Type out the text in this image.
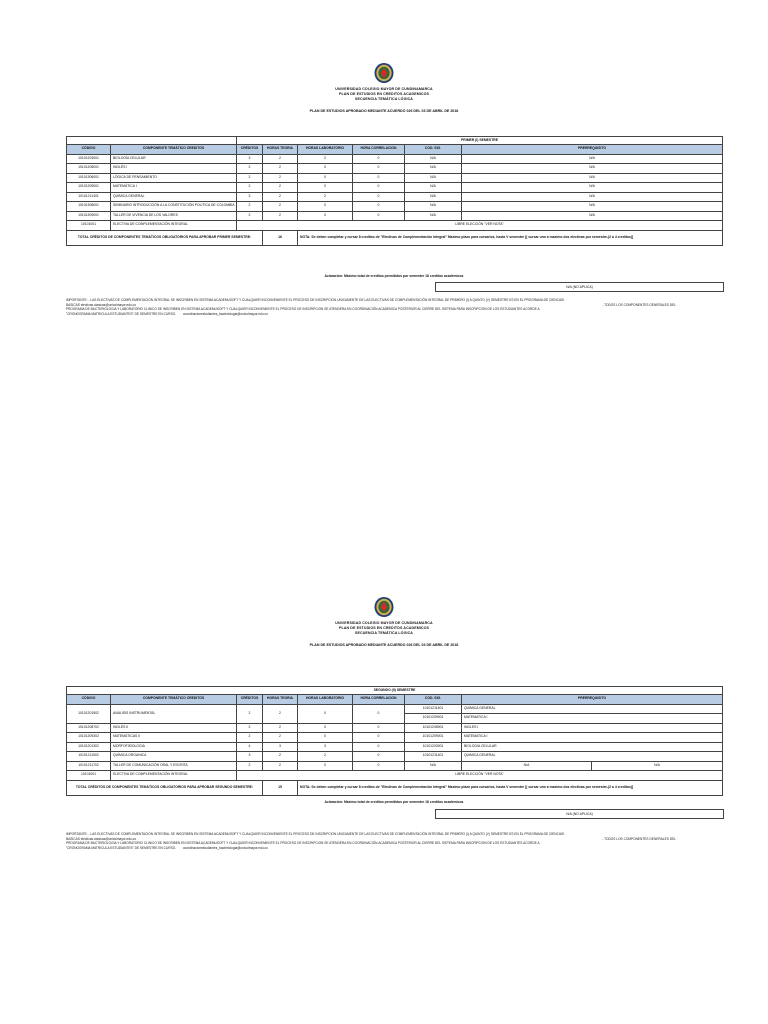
UNIVERSIDAD COLEGIO MAYOR DE CUNDINAMARCA
PLAN DE ESTUDIOS EN CREDITOS ACADEMICOS
SECUENCIA TEMÁTICA LÓGICA
PLAN DE ESTUDIOS APROBADO MEDIANTE ACUERDO 026 DEL 03 DE ABRIL DE 2018
		PRIMER (I) SEMESTRE					
CÓDIGO	COMPONENTE TEMÁTICO CREDITOS	CRÉDITOS	HORAS TEORIA	HORAS LABORATORIO	HORA CORRELACION	COD. SIG.	PRERREQUISITO
10101203001	BIOLOGÍA CELULAR	3	2	2	0	N/A	N/A
10101208001	INGLÉS I	2	2	0	0	N/A	N/A
10101306001	LÓGICA DE PENSAMIENTO	2	2	0	0	N/A	N/A
10101209001	MATEMÁTICA I	2	2	0	0	N/A	N/A
10101211401	QUÍMICA GENERAL	3	2	2	0	N/A	N/A
10101308001	SEMINARIO INTRODUCCIÓN A LA CONSTITUCIÓN POLITICA DE COLOMBIA	2	2	0	0	N/A	N/A
10101309001	TALLER DE VIVENCIA DE LOS VALORES	2	2	0	0	N/A	N/A
10101001	ELECTIVA DE COMPLEMENTACIÓN INTEGRAL	LIBRE ELECCIÓN "VER NOTA"					
TOTAL CRÉDITOS DE COMPONENTES TEMÁTICOS OBLIGATORIOS PARA APROBAR PRIMER SEMESTRE:			16	NOTA: Se deben completar y cursar 8 creditos de "Electivas de Complementación Integral" Maximo plazo para cursarlos, hasta V semestre [( cursar uno a maximo dos electivas por semestre-(2 a 4 creditos)]			
Aclaración: Máximo total de creditos permitidos por semestre 18 creditos academicos
N/A (NO APLICA)
IMPORTANTE: - LAS ELECTIVAS DE COMPLEMENTACIÓN INTEGRAL SE INSCRIBEN EN SISTEMA ACADEMUSOFT Y CUALQUIER INCONVENIENTE EL PROCESO DE INSCRIPCION UNICAMENTE DE LAS ELECTIVAS DE COMPLEMENTACIÓN INTEGRAL DE PRIMERO (I) A QUINTO (V) SEMESTRE ES EN EL PROGRAMA DE CIENCIAS
BASICAS electivas.ciasicas@unicolmayor.edu.co	- TODOS LOS COMPONENTES GENERALES DEL
PROGRAMA DE BACTERIOLOGIA Y LABORATORIO CLINICO SE INSCRIBEN EN SISTEMA ACADEMUSOFT Y CUALQUIER INCONVENIENTE EL PROCESO DE INSCRIPCION SE ATENDERA EN COORDINACIÓN ACADEMICA POSTERIOR AL CIERRE DEL SISTEMA PARA INSCRIPCION DE LOS ESTUDIANTES ACORDE A
"CRONOGRAMA MATRICULA ESTUDIANTES" DE SEMESTRE EN CURSO. coordinacionestudiantes_bacteriologia@unicolmayor.edu.co
UNIVERSIDAD COLEGIO MAYOR DE CUNDINAMARCA
PLAN DE ESTUDIOS EN CREDITOS ACADEMICOS
SECUENCIA TEMÁTICA LÓGICA
PLAN DE ESTUDIOS APROBADO MEDIANTE ACUERDO 026 DEL 03 DE ABRIL DE 2018
SEGUNDO (II) SEMESTRE								
CÓDIGO	COMPONENTE TEMÁTICO CREDITOS	CRÉDITOS	HORAS TEORIA	HORAS LABORATORIO	HORA CORRELACION	COD. SIG.	PRERREQUISITO	
10101201502	ANÁLISIS INSTRUMENTAL	2	2	0	0	10101211401	QUIMICA GENERAL	
						10101209001	MATEMATICA I	
10101208702	INGLÉS II	2	2	0	0	10101208001	INGLES I	
10101209302	MATEMÁTICAS II	2	2	0	0	10101209001	MATEMATICA I	
10101201302	MORFOFISIOLOGIA	4	3	3	0	10101203001	BIOLOGIA CELULAR	
10101211502	QUÍMICA ORGANICA	3	2	2	0	10101211401	QUIMICA GENERAL	
10101211702	TALLER DE COMUNICACIÓN ORAL Y ESCRITA	2	2	0	0	N/A	N/A	N/A
10101001	ELECTIVA DE COMPLEMENTACIÓN INTEGRAL	LIBRE ELECCIÓN "VER NOTA"						
TOTAL CRÉDITOS DE COMPONENTES TEMÁTICOS OBLIGATORIOS PARA APROBAR SEGUNDO SEMESTRE:			15	NOTA: Se deben completar y cursar 8 creditos de "Electivas de Complementación Integral" Maximo plazo para cursarlos, hasta V semestre [( cursar uno a maximo dos electivas por semestre-(2 a 4 creditos)]				
Aclaración: Máximo total de creditos permitidos por semestre 18 creditos academicos
N/A (NO APLICA)
IMPORTANTE: - LAS ELECTIVAS DE COMPLEMENTACIÓN INTEGRAL SE INSCRIBEN EN SISTEMA ACADEMUSOFT Y CUALQUIER INCONVENIENTE EL PROCESO DE INSCRIPCION UNICAMENTE DE LAS ELECTIVAS DE COMPLEMENTACIÓN INTEGRAL DE PRIMERO (I) A QUINTO (V) SEMESTRE ES EN EL PROGRAMA DE CIENCIAS
BASICAS electivas.ciasicas@unicolmayor.edu.co	- TODOS LOS COMPONENTES GENERALES DEL
PROGRAMA DE BACTERIOLOGIA Y LABORATORIO CLINICO SE INSCRIBEN EN SISTEMA ACADEMUSOFT Y CUALQUIER INCONVENIENTE EL PROCESO DE INSCRIPCION SE ATENDERA EN COORDINACIÓN ACADEMICA POSTERIOR AL CIERRE DEL SISTEMA PARA INSCRIPCION DE LOS ESTUDIANTES ACORDE A
"CRONOGRAMA MATRICULA ESTUDIANTES" DE SEMESTRE EN CURSO. coordinacionestudiantes_bacteriologia@unicolmayor.edu.co
